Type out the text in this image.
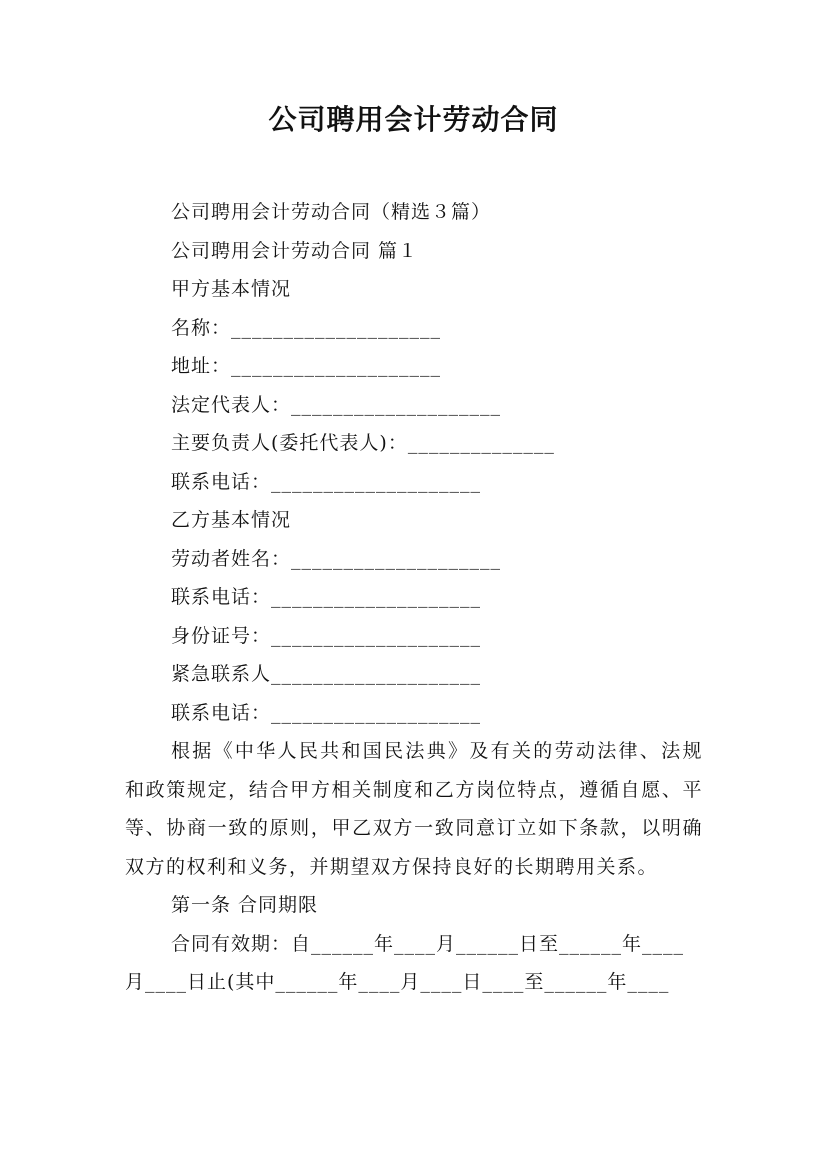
公司聘用会计劳动合同
公司聘用会计劳动合同（精选３篇）
公司聘用会计劳动合同 篇１
甲方基本情况
名称：____________________
地址：____________________
法定代表人：____________________
主要负责人(委托代表人)：______________
联系电话：____________________
乙方基本情况
劳动者姓名：____________________
联系电话：____________________
身份证号：____________________
紧急联系人____________________
联系电话：____________________

根据《中华人民共和国民法典》及有关的劳动法律、法规和政策规定，结合甲方相关制度和乙方岗位特点，遵循自愿、平等、协商一致的原则，甲乙双方一致同意订立如下条款，以明确双方的权利和义务，并期望双方保持良好的长期聘用关系。

第一条 合同期限
合同有效期：自______年____月______日至______年____
月____日止(其中______年____月____日____至______年____
